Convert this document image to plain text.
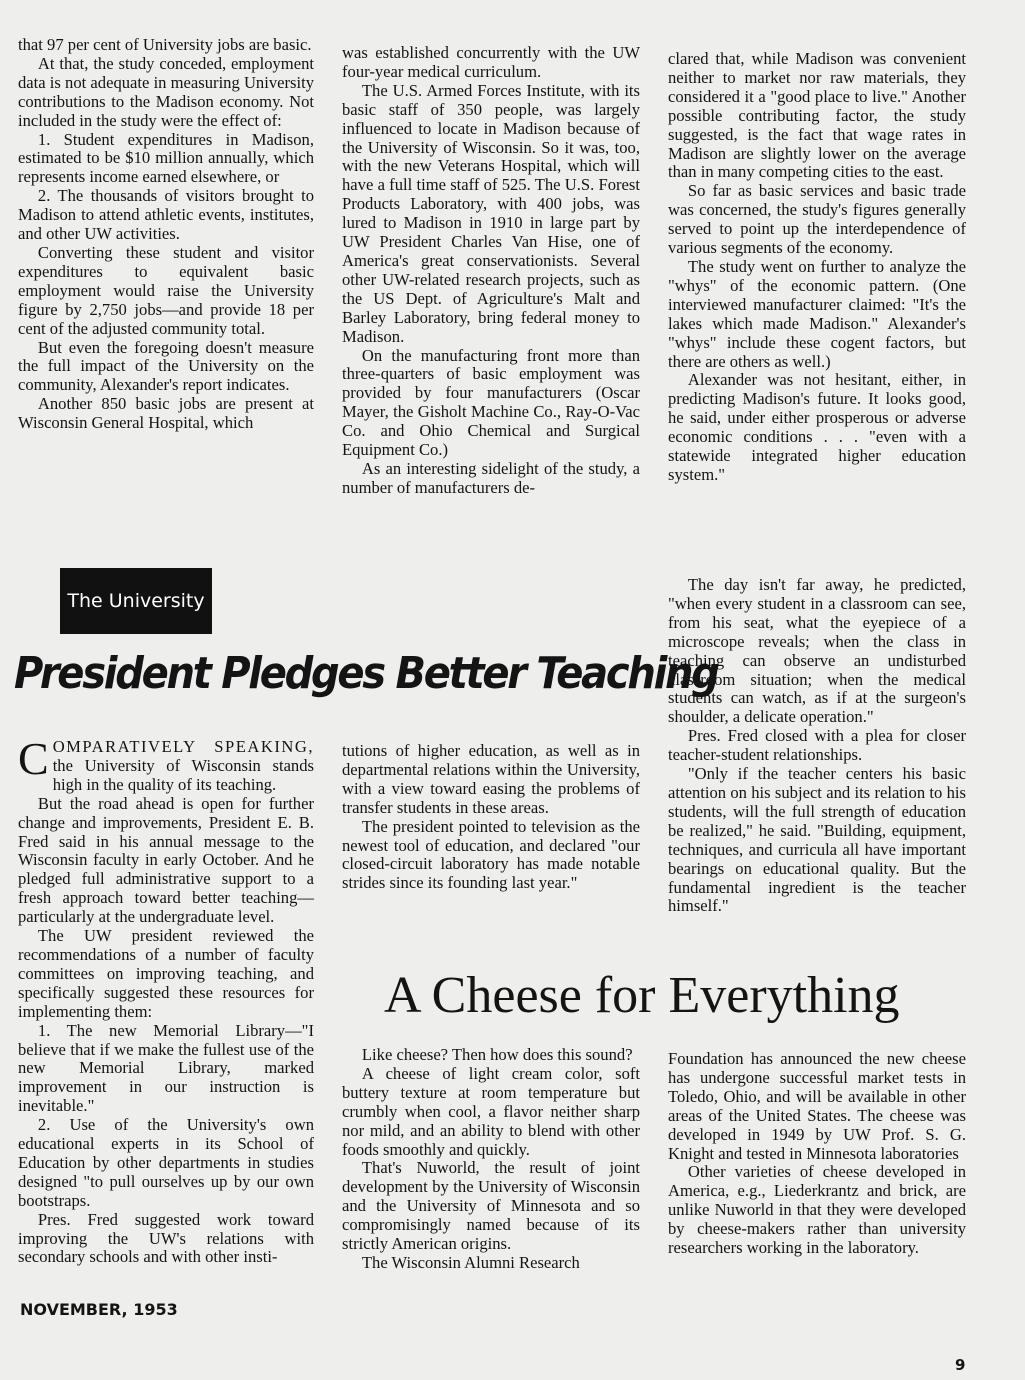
that 97 per cent of University jobs are basic.

At that, the study conceded, employment data is not adequate in measuring University contributions to the Madison economy. Not included in the study were the effect of:

1. Student expenditures in Madison, estimated to be $10 million annually, which represents income earned elsewhere, or

2. The thousands of visitors brought to Madison to attend athletic events, institutes, and other UW activities.

Converting these student and visitor expenditures to equivalent basic employment would raise the University figure by 2,750 jobs—and provide 18 per cent of the adjusted community total.

But even the foregoing doesn't measure the full impact of the University on the community, Alexander's report indicates.

Another 850 basic jobs are present at Wisconsin General Hospital, which

was established concurrently with the UW four-year medical curriculum.

The U.S. Armed Forces Institute, with its basic staff of 350 people, was largely influenced to locate in Madison because of the University of Wisconsin. So it was, too, with the new Veterans Hospital, which will have a full time staff of 525. The U.S. Forest Products Laboratory, with 400 jobs, was lured to Madison in 1910 in large part by UW President Charles Van Hise, one of America's great conservationists. Several other UW-related research projects, such as the US Dept. of Agriculture's Malt and Barley Laboratory, bring federal money to Madison.

On the manufacturing front more than three-quarters of basic employment was provided by four manufacturers (Oscar Mayer, the Gisholt Machine Co., Ray-O-Vac Co. and Ohio Chemical and Surgical Equipment Co.)

As an interesting sidelight of the study, a number of manufacturers de-

clared that, while Madison was convenient neither to market nor raw materials, they considered it a "good place to live." Another possible contributing factor, the study suggested, is the fact that wage rates in Madison are slightly lower on the average than in many competing cities to the east.

So far as basic services and basic trade was concerned, the study's figures generally served to point up the interdependence of various segments of the economy.

The study went on further to analyze the "whys" of the economic pattern. (One interviewed manufacturer claimed: "It's the lakes which made Madison." Alexander's "whys" include these cogent factors, but there are others as well.)

Alexander was not hesitant, either, in predicting Madison's future. It looks good, he said, under either prosperous or adverse economic conditions . . . "even with a statewide integrated higher education system."

The University
President Pledges Better Teaching

COMPARATIVELY SPEAKING, the University of Wisconsin stands high in the quality of its teaching.

But the road ahead is open for further change and improvements, President E. B. Fred said in his annual message to the Wisconsin faculty in early October. And he pledged full administrative support to a fresh approach toward better teaching—particularly at the undergraduate level.

The UW president reviewed the recommendations of a number of faculty committees on improving teaching, and specifically suggested these resources for implementing them:

1. The new Memorial Library—"I believe that if we make the fullest use of the new Memorial Library, marked improvement in our instruction is inevitable."

2. Use of the University's own educational experts in its School of Education by other departments in studies designed "to pull ourselves up by our own bootstraps.

Pres. Fred suggested work toward improving the UW's relations with secondary schools and with other insti-

tutions of higher education, as well as in departmental relations within the University, with a view toward easing the problems of transfer students in these areas.

The president pointed to television as the newest tool of education, and declared "our closed-circuit laboratory has made notable strides since its founding last year."

The day isn't far away, he predicted, "when every student in a classroom can see, from his seat, what the eyepiece of a microscope reveals; when the class in teaching can observe an undisturbed classroom situation; when the medical students can watch, as if at the surgeon's shoulder, a delicate operation."

Pres. Fred closed with a plea for closer teacher-student relationships.

"Only if the teacher centers his basic attention on his subject and its relation to his students, will the full strength of education be realized," he said. "Building, equipment, techniques, and curricula all have important bearings on educational quality. But the fundamental ingredient is the teacher himself."

A Cheese for Everything

Like cheese? Then how does this sound?

A cheese of light cream color, soft buttery texture at room temperature but crumbly when cool, a flavor neither sharp nor mild, and an ability to blend with other foods smoothly and quickly.

That's Nuworld, the result of joint development by the University of Wisconsin and the University of Minnesota and so compromisingly named because of its strictly American origins.

The Wisconsin Alumni Research

Foundation has announced the new cheese has undergone successful market tests in Toledo, Ohio, and will be available in other areas of the United States. The cheese was developed in 1949 by UW Prof. S. G. Knight and tested in Minnesota laboratories

Other varieties of cheese developed in America, e.g., Liederkrantz and brick, are unlike Nuworld in that they were developed by cheese-makers rather than university researchers working in the laboratory.

NOVEMBER, 1953
9
